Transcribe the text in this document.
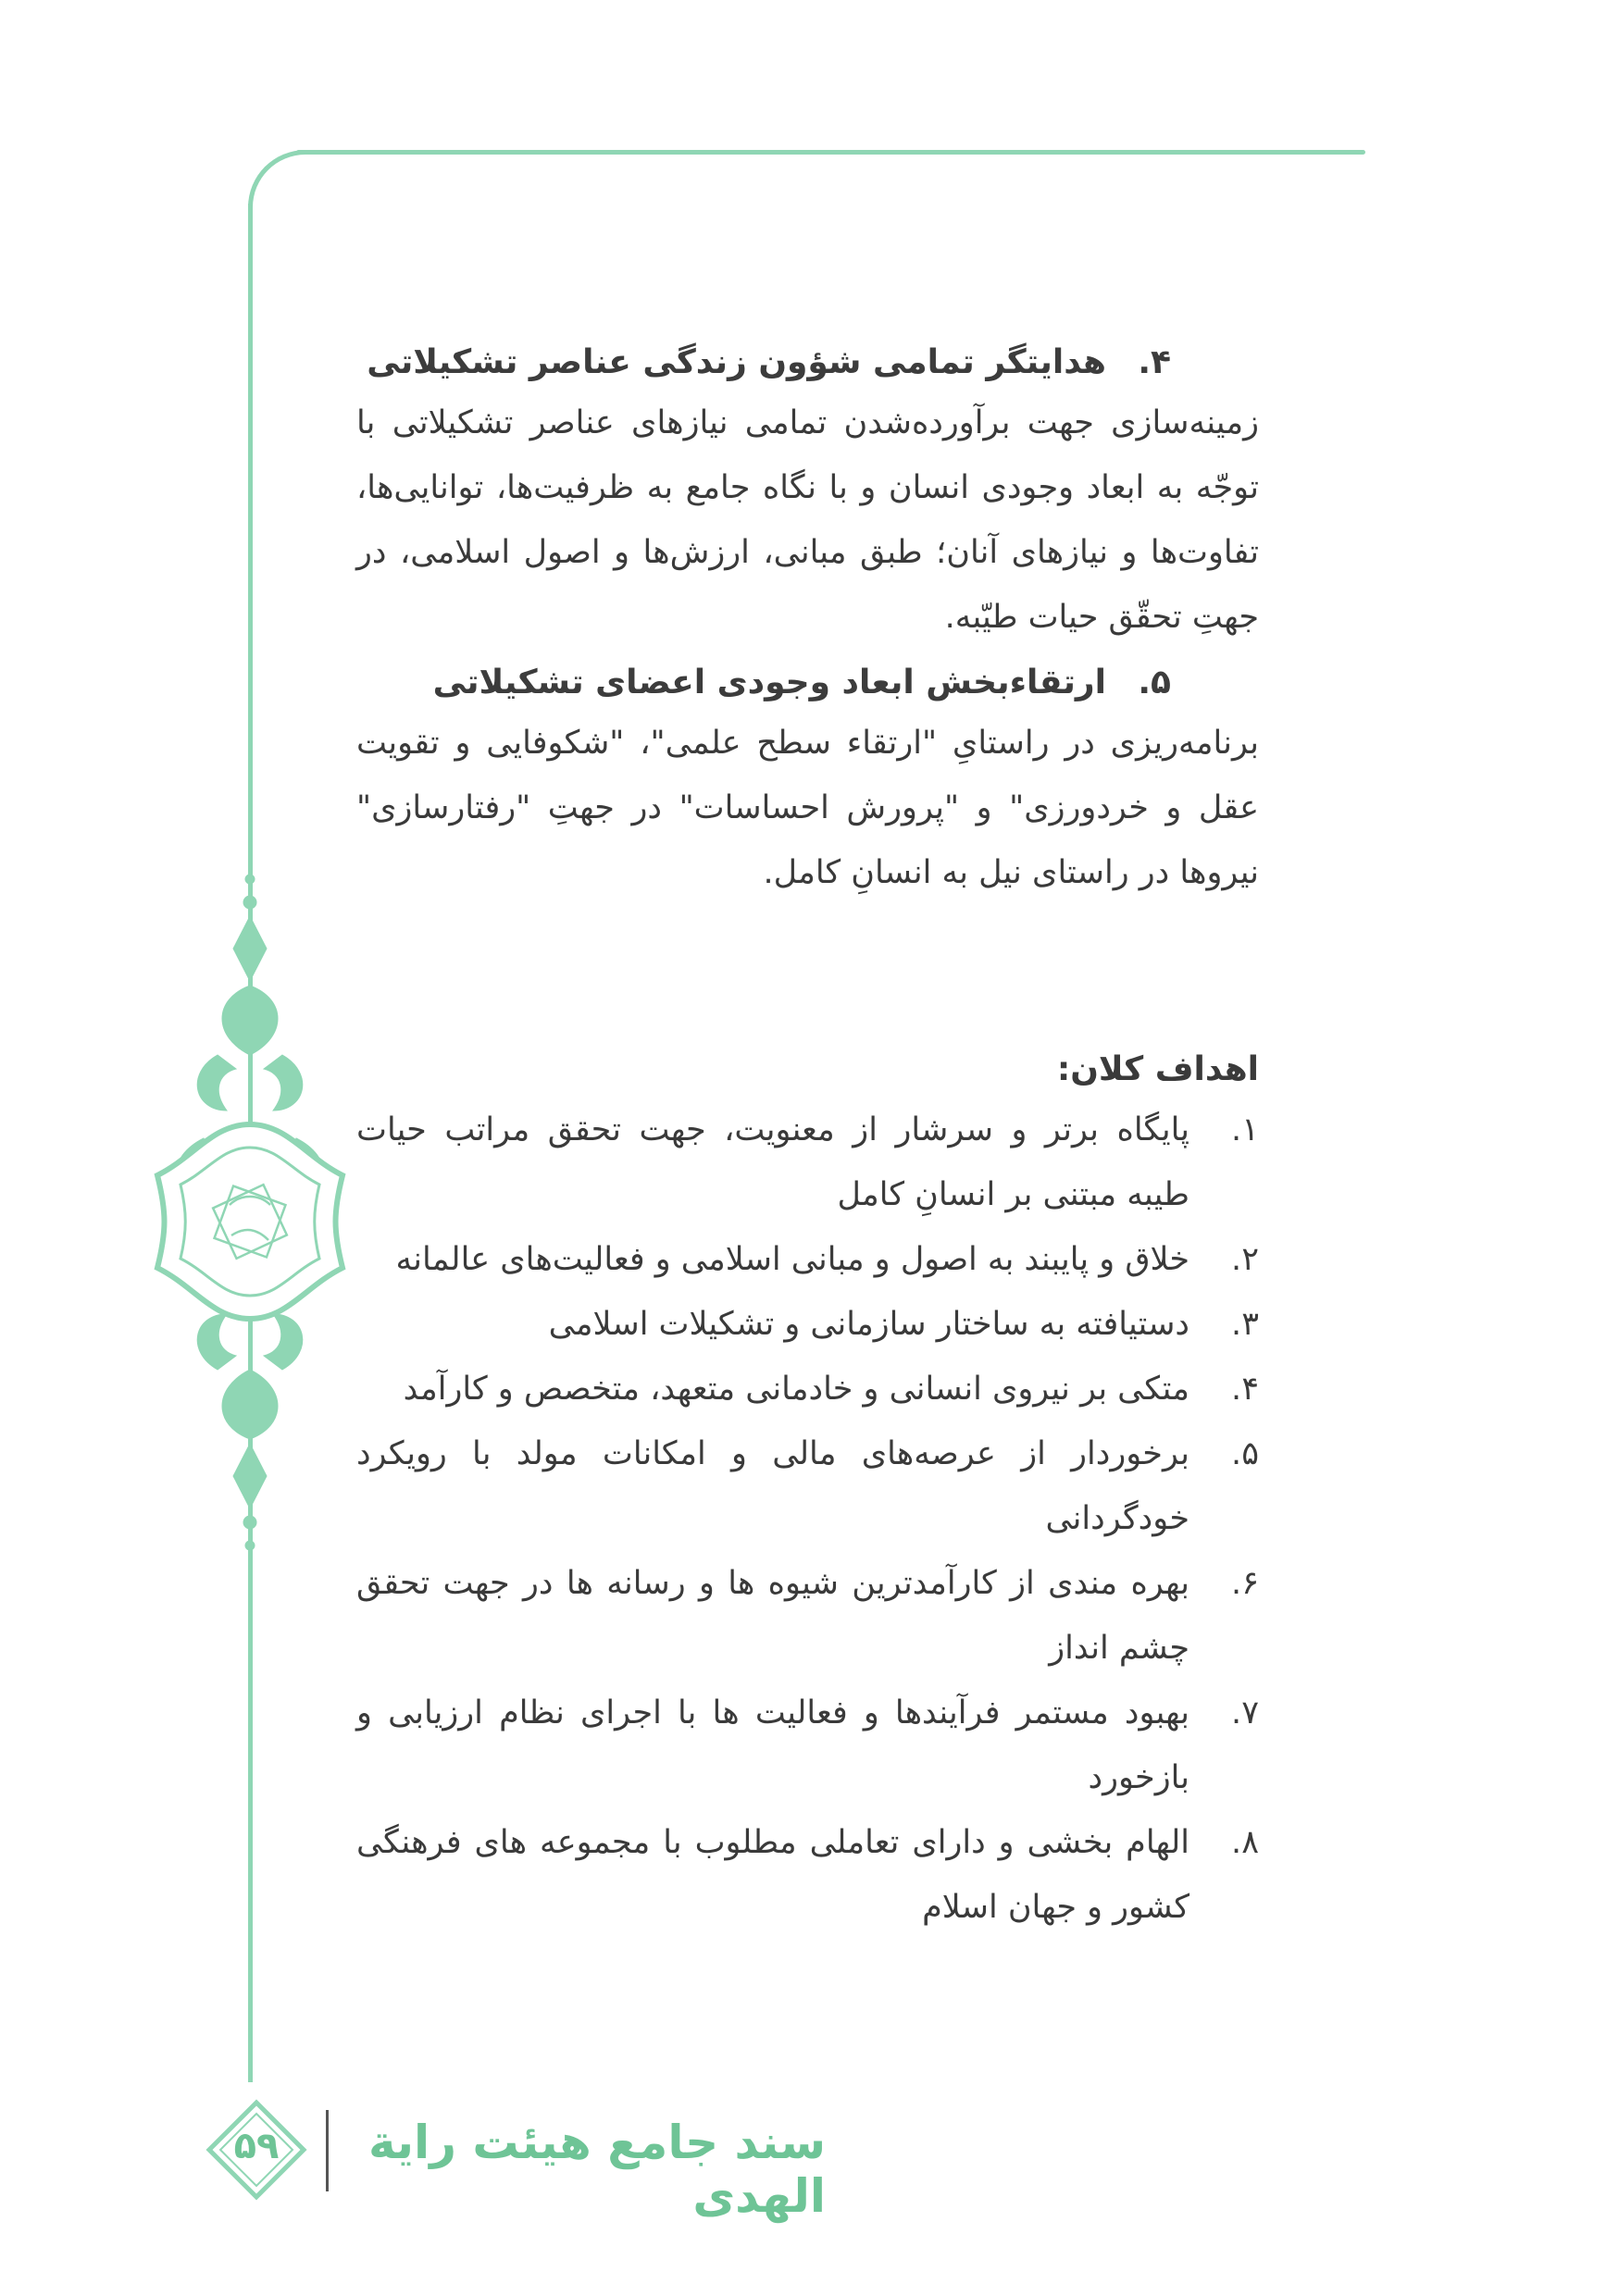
۴.هدایتگر تمامی شؤون زندگی عناصر تشکیلاتی

زمینه‌سازی جهت برآورده‌شدن تمامی نیازهای عناصر تشکیلاتی با توجّه به ابعاد وجودی انسان و با نگاه جامع به ظرفیت‌ها، توانایی‌ها، تفاوت‌ها و نیازهای آنان؛ طبق مبانی، ارزش‌ها و اصول اسلامی، در جهتِ تحقّق حیات طیّبه.

۵.ارتقاء‌بخش ابعاد وجودی اعضای تشکیلاتی

برنامه‌ریزی در راستایِ "ارتقاء سطح علمی"، "شکوفایی و تقویت عقل و خردورزی" و "پرورش احساسات" در جهتِ "رفتارسازی" نیروها در راستای نیل به انسانِ کامل.

اهداف کلان:
۱.
پایگاه برتر و سرشار از معنویت، جهت تحقق مراتب حیات طیبه مبتنی بر انسانِ کامل
۲.
خلاق و پایبند به اصول و مبانی اسلامی و فعالیت‌های عالمانه
۳.
دستیافته به ساختار سازمانی و تشکیلات اسلامی
۴.
متکی بر نیروی انسانی و خادمانی متعهد، متخصص و کارآمد
۵.
برخوردار از عرصه‌های مالی و امکانات مولد با رویکرد خودگردانی
۶.
بهره مندی از کارآمدترین شیوه ها و رسانه ها در جهت تحقق چشم انداز
۷.
بهبود مستمر فرآیندها و فعالیت ها با اجرای نظام ارزیابی و بازخورد
۸.
الهام بخشی و دارای تعاملی مطلوب با مجموعه های فرهنگی کشور و جهان اسلام
۵۹	سند جامع هیئت رایة الهدی
